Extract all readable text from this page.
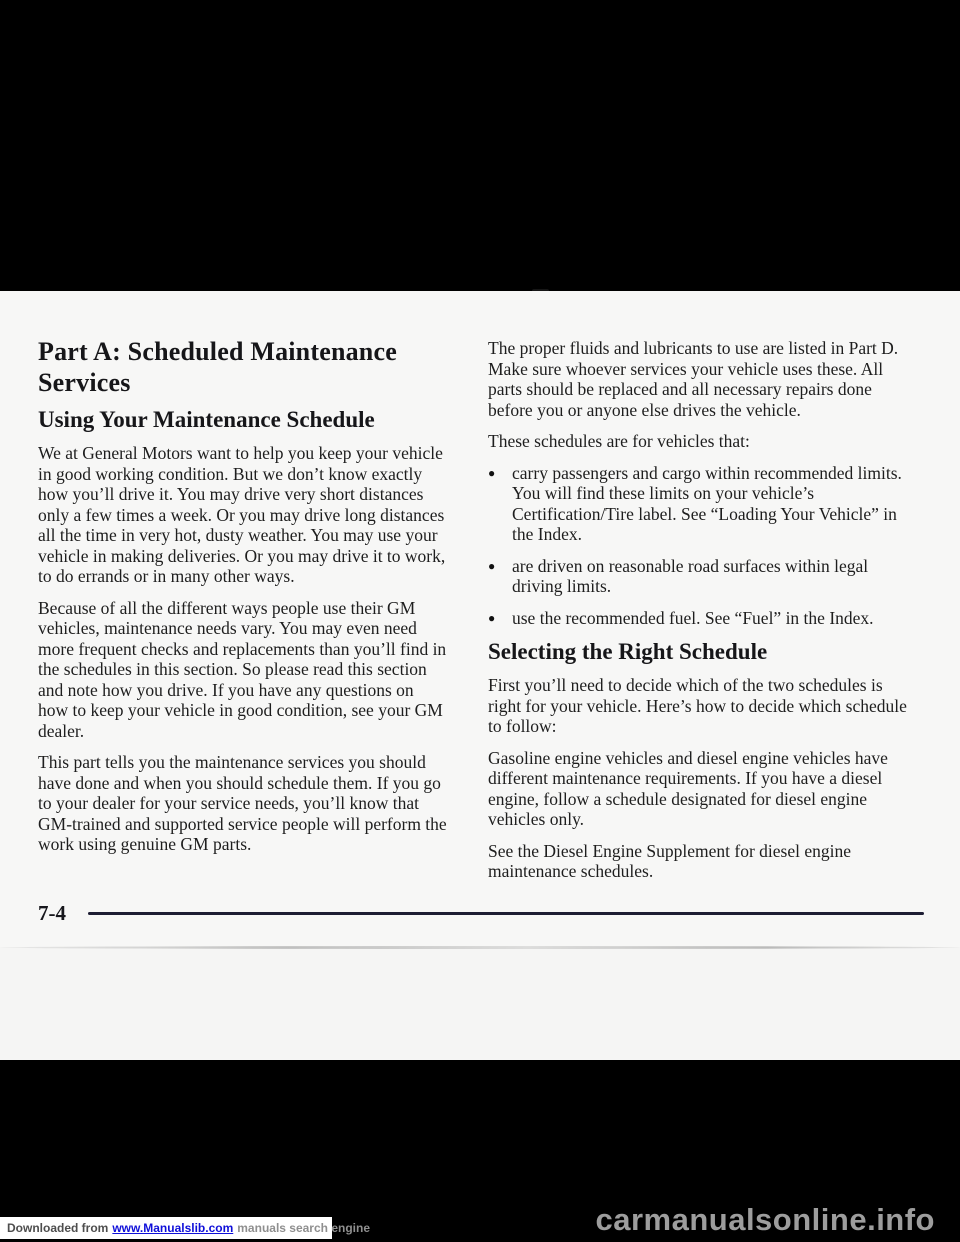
Part A: Scheduled Maintenance
Services
Using Your Maintenance Schedule

We at General Motors want to help you keep your vehicle in good working condition. But we don’t know exactly how you’ll drive it. You may drive very short distances only a few times a week. Or you may drive long distances all the time in very hot, dusty weather. You may use your vehicle in making deliveries. Or you may drive it to work, to do errands or in many other ways.

Because of all the different ways people use their GM vehicles, maintenance needs vary. You may even need more frequent checks and replacements than you’ll find in the schedules in this section. So please read this section and note how you drive. If you have any questions on how to keep your vehicle in good condition, see your GM dealer.

This part tells you the maintenance services you should have done and when you should schedule them. If you go to your dealer for your service needs, you’ll know that GM-trained and supported service people will perform the work using genuine GM parts.

The proper fluids and lubricants to use are listed in Part D. Make sure whoever services your vehicle uses these. All parts should be replaced and all necessary repairs done before you or anyone else drives the vehicle.

These schedules are for vehicles that:

● carry passengers and cargo within recommended limits. You will find these limits on your vehicle’s Certification/Tire label. See “Loading Your Vehicle” in the Index.
● are driven on reasonable road surfaces within legal driving limits.
● use the recommended fuel. See “Fuel” in the Index.
Selecting the Right Schedule

First you’ll need to decide which of the two schedules is right for your vehicle. Here’s how to decide which schedule to follow:

Gasoline engine vehicles and diesel engine vehicles have different maintenance requirements. If you have a diesel engine, follow a schedule designated for diesel engine vehicles only.

See the Diesel Engine Supplement for diesel engine maintenance schedules.

7-4
carmanualsonline.info
Downloaded from www.Manualslib.com manuals search engine
